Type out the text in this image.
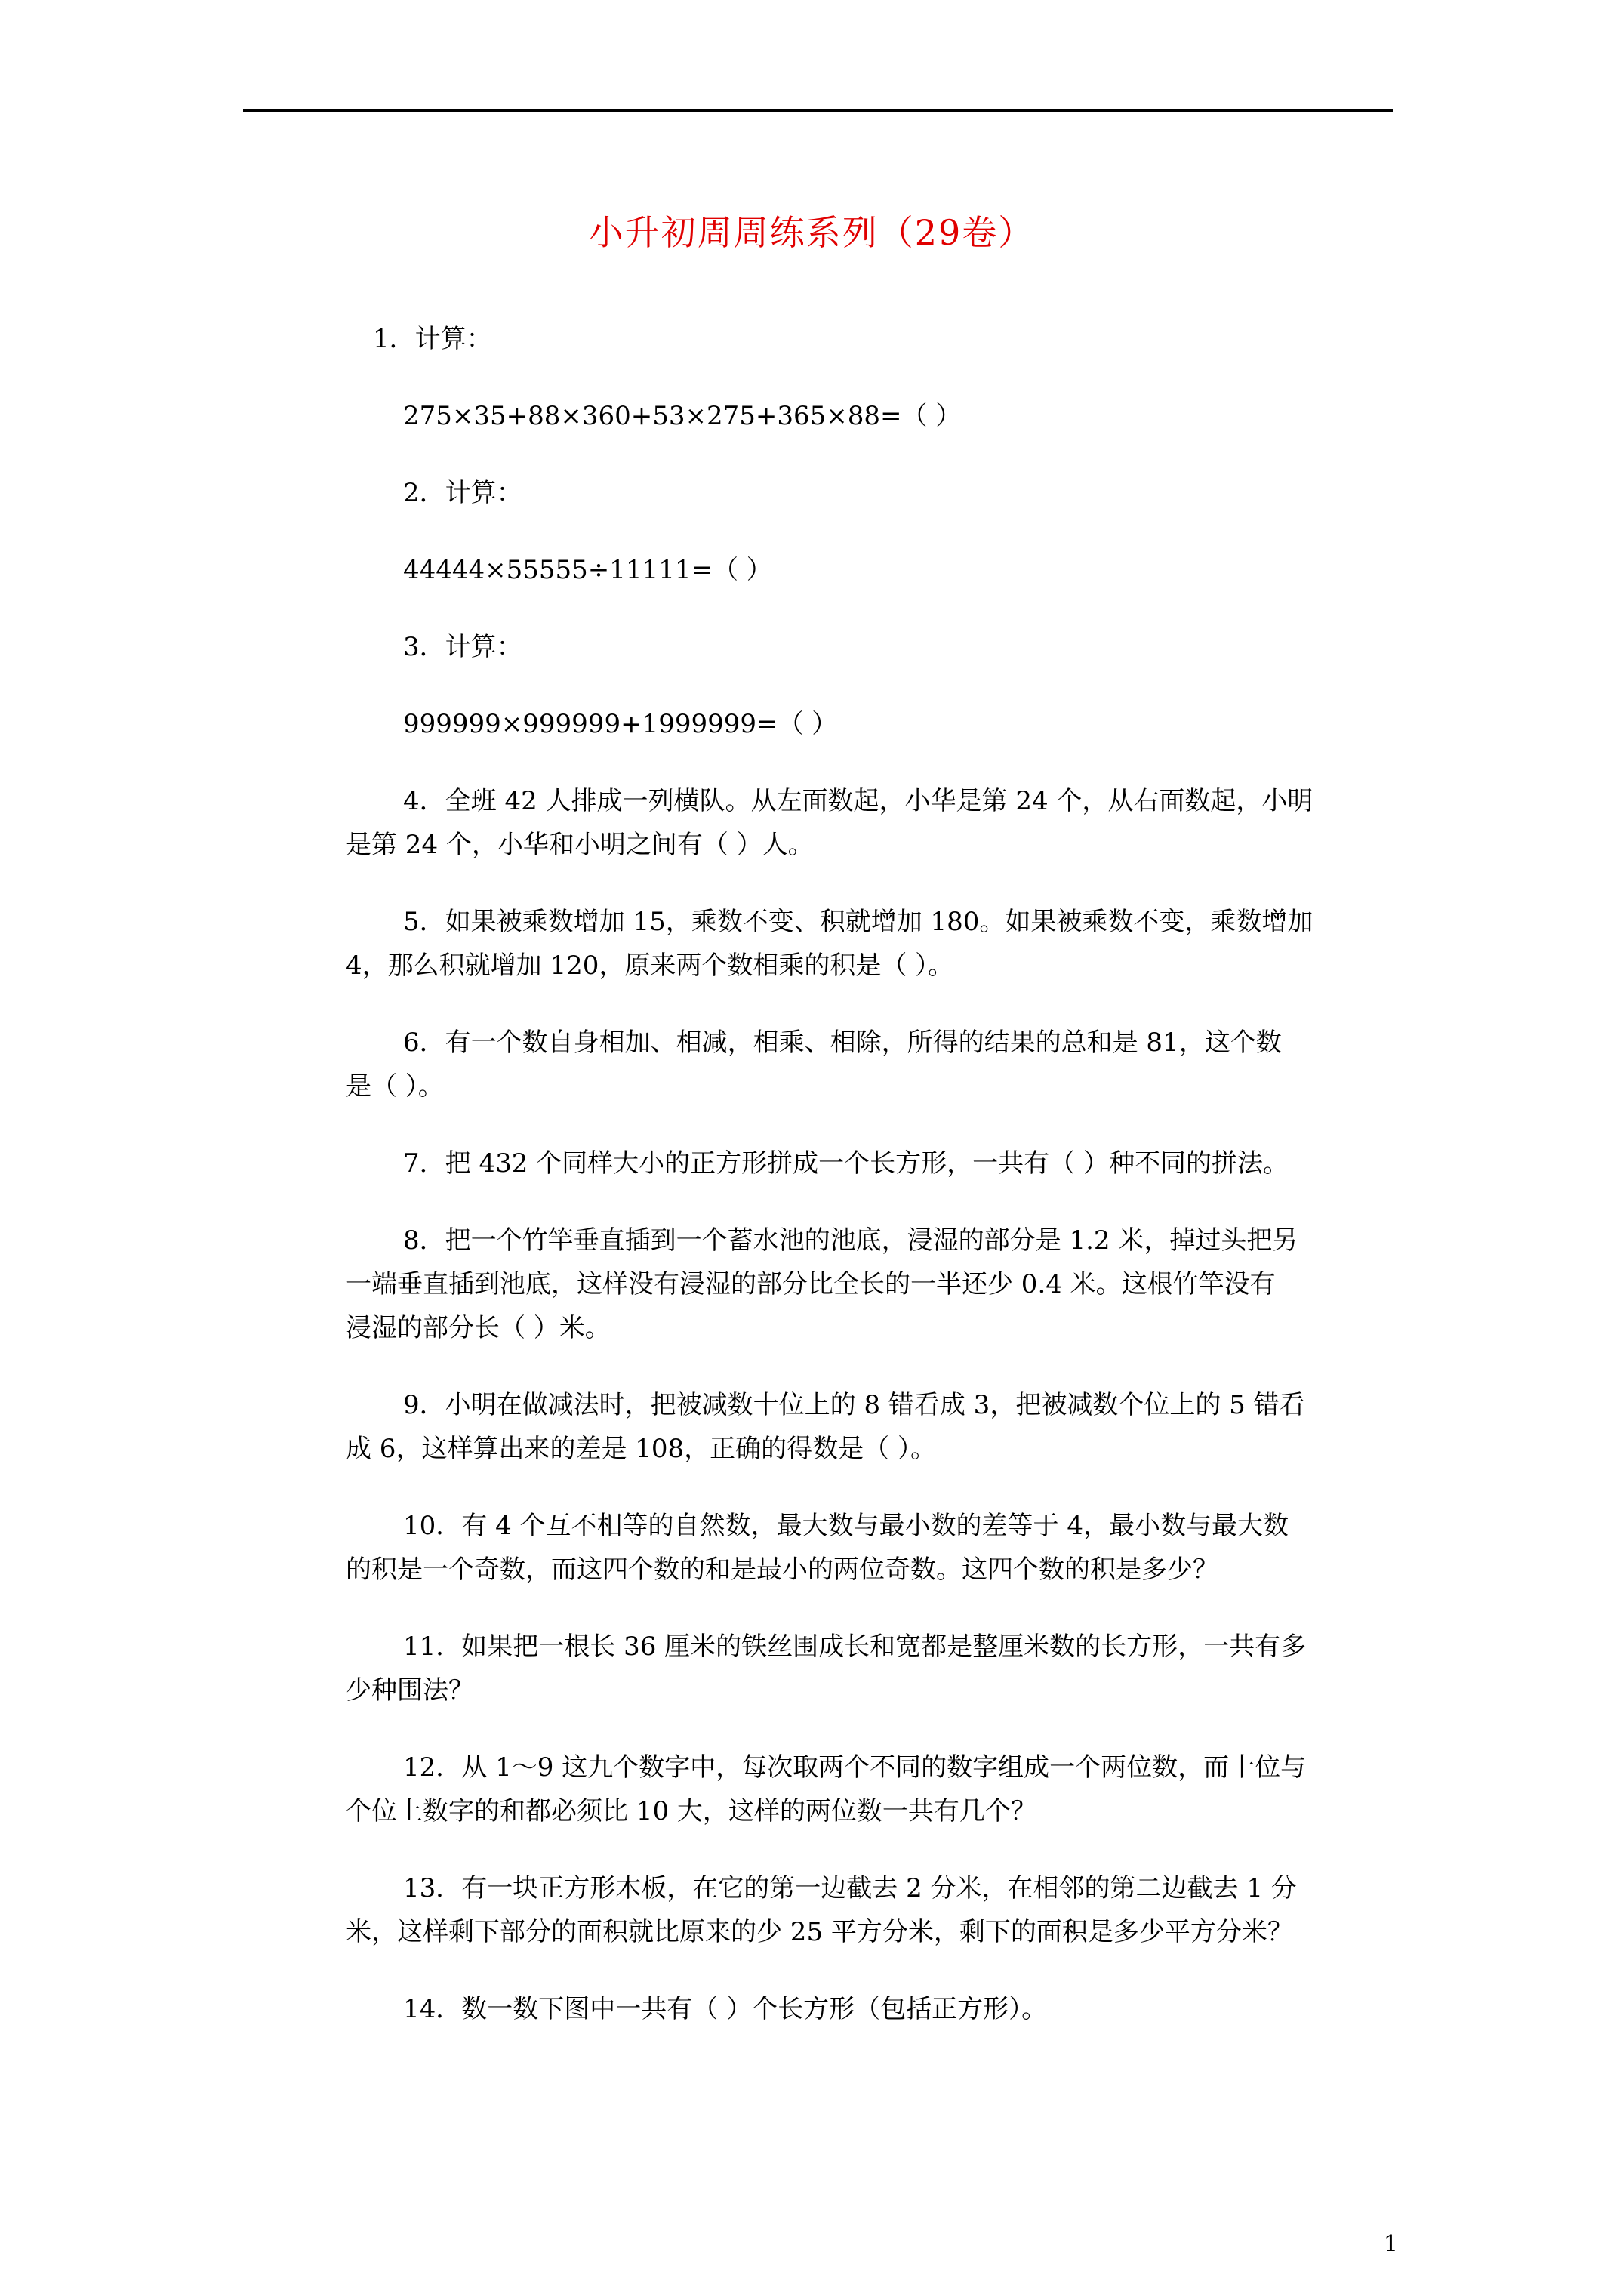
小升初周周练系列（29卷）
1．计算：
275×35+88×360+53×275+365×88=（ ）
2．计算：
44444×55555÷11111=（ ）
3．计算：
999999×999999+1999999=（ ）
4．全班 42 人排成一列横队。从左面数起，小华是第 24 个，从右面数起，小明
是第 24 个，小华和小明之间有（ ）人。
5．如果被乘数增加 15，乘数不变、积就增加 180。如果被乘数不变，乘数增加
4，那么积就增加 120，原来两个数相乘的积是（ ）。
6．有一个数自身相加、相减，相乘、相除，所得的结果的总和是 81，这个数
是（ ）。
7．把 432 个同样大小的正方形拼成一个长方形，一共有（ ）种不同的拼法。
8．把一个竹竿垂直插到一个蓄水池的池底，浸湿的部分是 1.2 米，掉过头把另
一端垂直插到池底，这样没有浸湿的部分比全长的一半还少 0.4 米。这根竹竿没有
浸湿的部分长（ ）米。
9．小明在做减法时，把被减数十位上的 8 错看成 3，把被减数个位上的 5 错看
成 6，这样算出来的差是 108，正确的得数是（ ）。
10．有 4 个互不相等的自然数，最大数与最小数的差等于 4，最小数与最大数
的积是一个奇数，而这四个数的和是最小的两位奇数。这四个数的积是多少？
11．如果把一根长 36 厘米的铁丝围成长和宽都是整厘米数的长方形，一共有多
少种围法？
12．从 1～9 这九个数字中，每次取两个不同的数字组成一个两位数，而十位与
个位上数字的和都必须比 10 大，这样的两位数一共有几个？
13．有一块正方形木板，在它的第一边截去 2 分米，在相邻的第二边截去 1 分
米，这样剩下部分的面积就比原来的少 25 平方分米，剩下的面积是多少平方分米？
14．数一数下图中一共有（ ）个长方形（包括正方形）。
1
